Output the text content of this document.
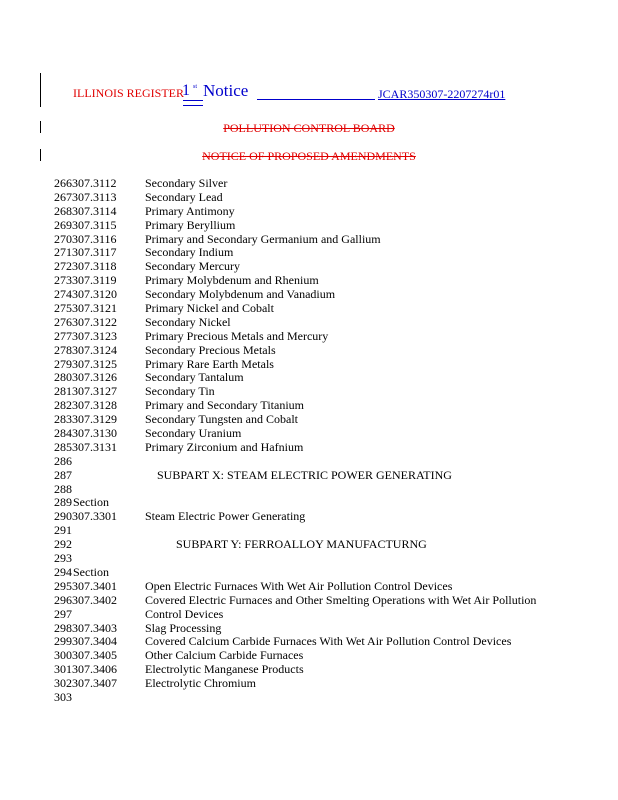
ILLINOIS REGISTER
1 st Notice	JCAR350307-2207274r01
POLLUTION CONTROL BOARD
NOTICE OF PROPOSED AMENDMENTS
266307.3112 Secondary Silver
267307.3113 Secondary Lead
268307.3114 Primary Antimony
269307.3115 Primary Beryllium
270307.3116 Primary and Secondary Germanium and Gallium
271307.3117 Secondary Indium
272307.3118 Secondary Mercury
273307.3119 Primary Molybdenum and Rhenium
274307.3120 Secondary Molybdenum and Vanadium
275307.3121 Primary Nickel and Cobalt
276307.3122 Secondary Nickel
277307.3123 Primary Precious Metals and Mercury
278307.3124 Secondary Precious Metals
279307.3125 Primary Rare Earth Metals
280307.3126 Secondary Tantalum
281307.3127 Secondary Tin
282307.3128 Primary and Secondary Titanium
283307.3129 Secondary Tungsten and Cobalt
284307.3130 Secondary Uranium
285307.3131 Primary Zirconium and Hafnium
286
287	SUBPART X: STEAM ELECTRIC POWER GENERATING
288
289 Section
290307.3301 Steam Electric Power Generating
291
292	SUBPART Y: FERROALLOY MANUFACTURNG
293
294 Section
295307.3401 Open Electric Furnaces With Wet Air Pollution Control Devices
296307.3402 Covered Electric Furnaces and Other Smelting Operations with Wet Air Pollution
297	Control Devices
298307.3403 Slag Processing
299307.3404 Covered Calcium Carbide Furnaces With Wet Air Pollution Control Devices
300307.3405 Other Calcium Carbide Furnaces
301307.3406 Electrolytic Manganese Products
302307.3407 Electrolytic Chromium
303
